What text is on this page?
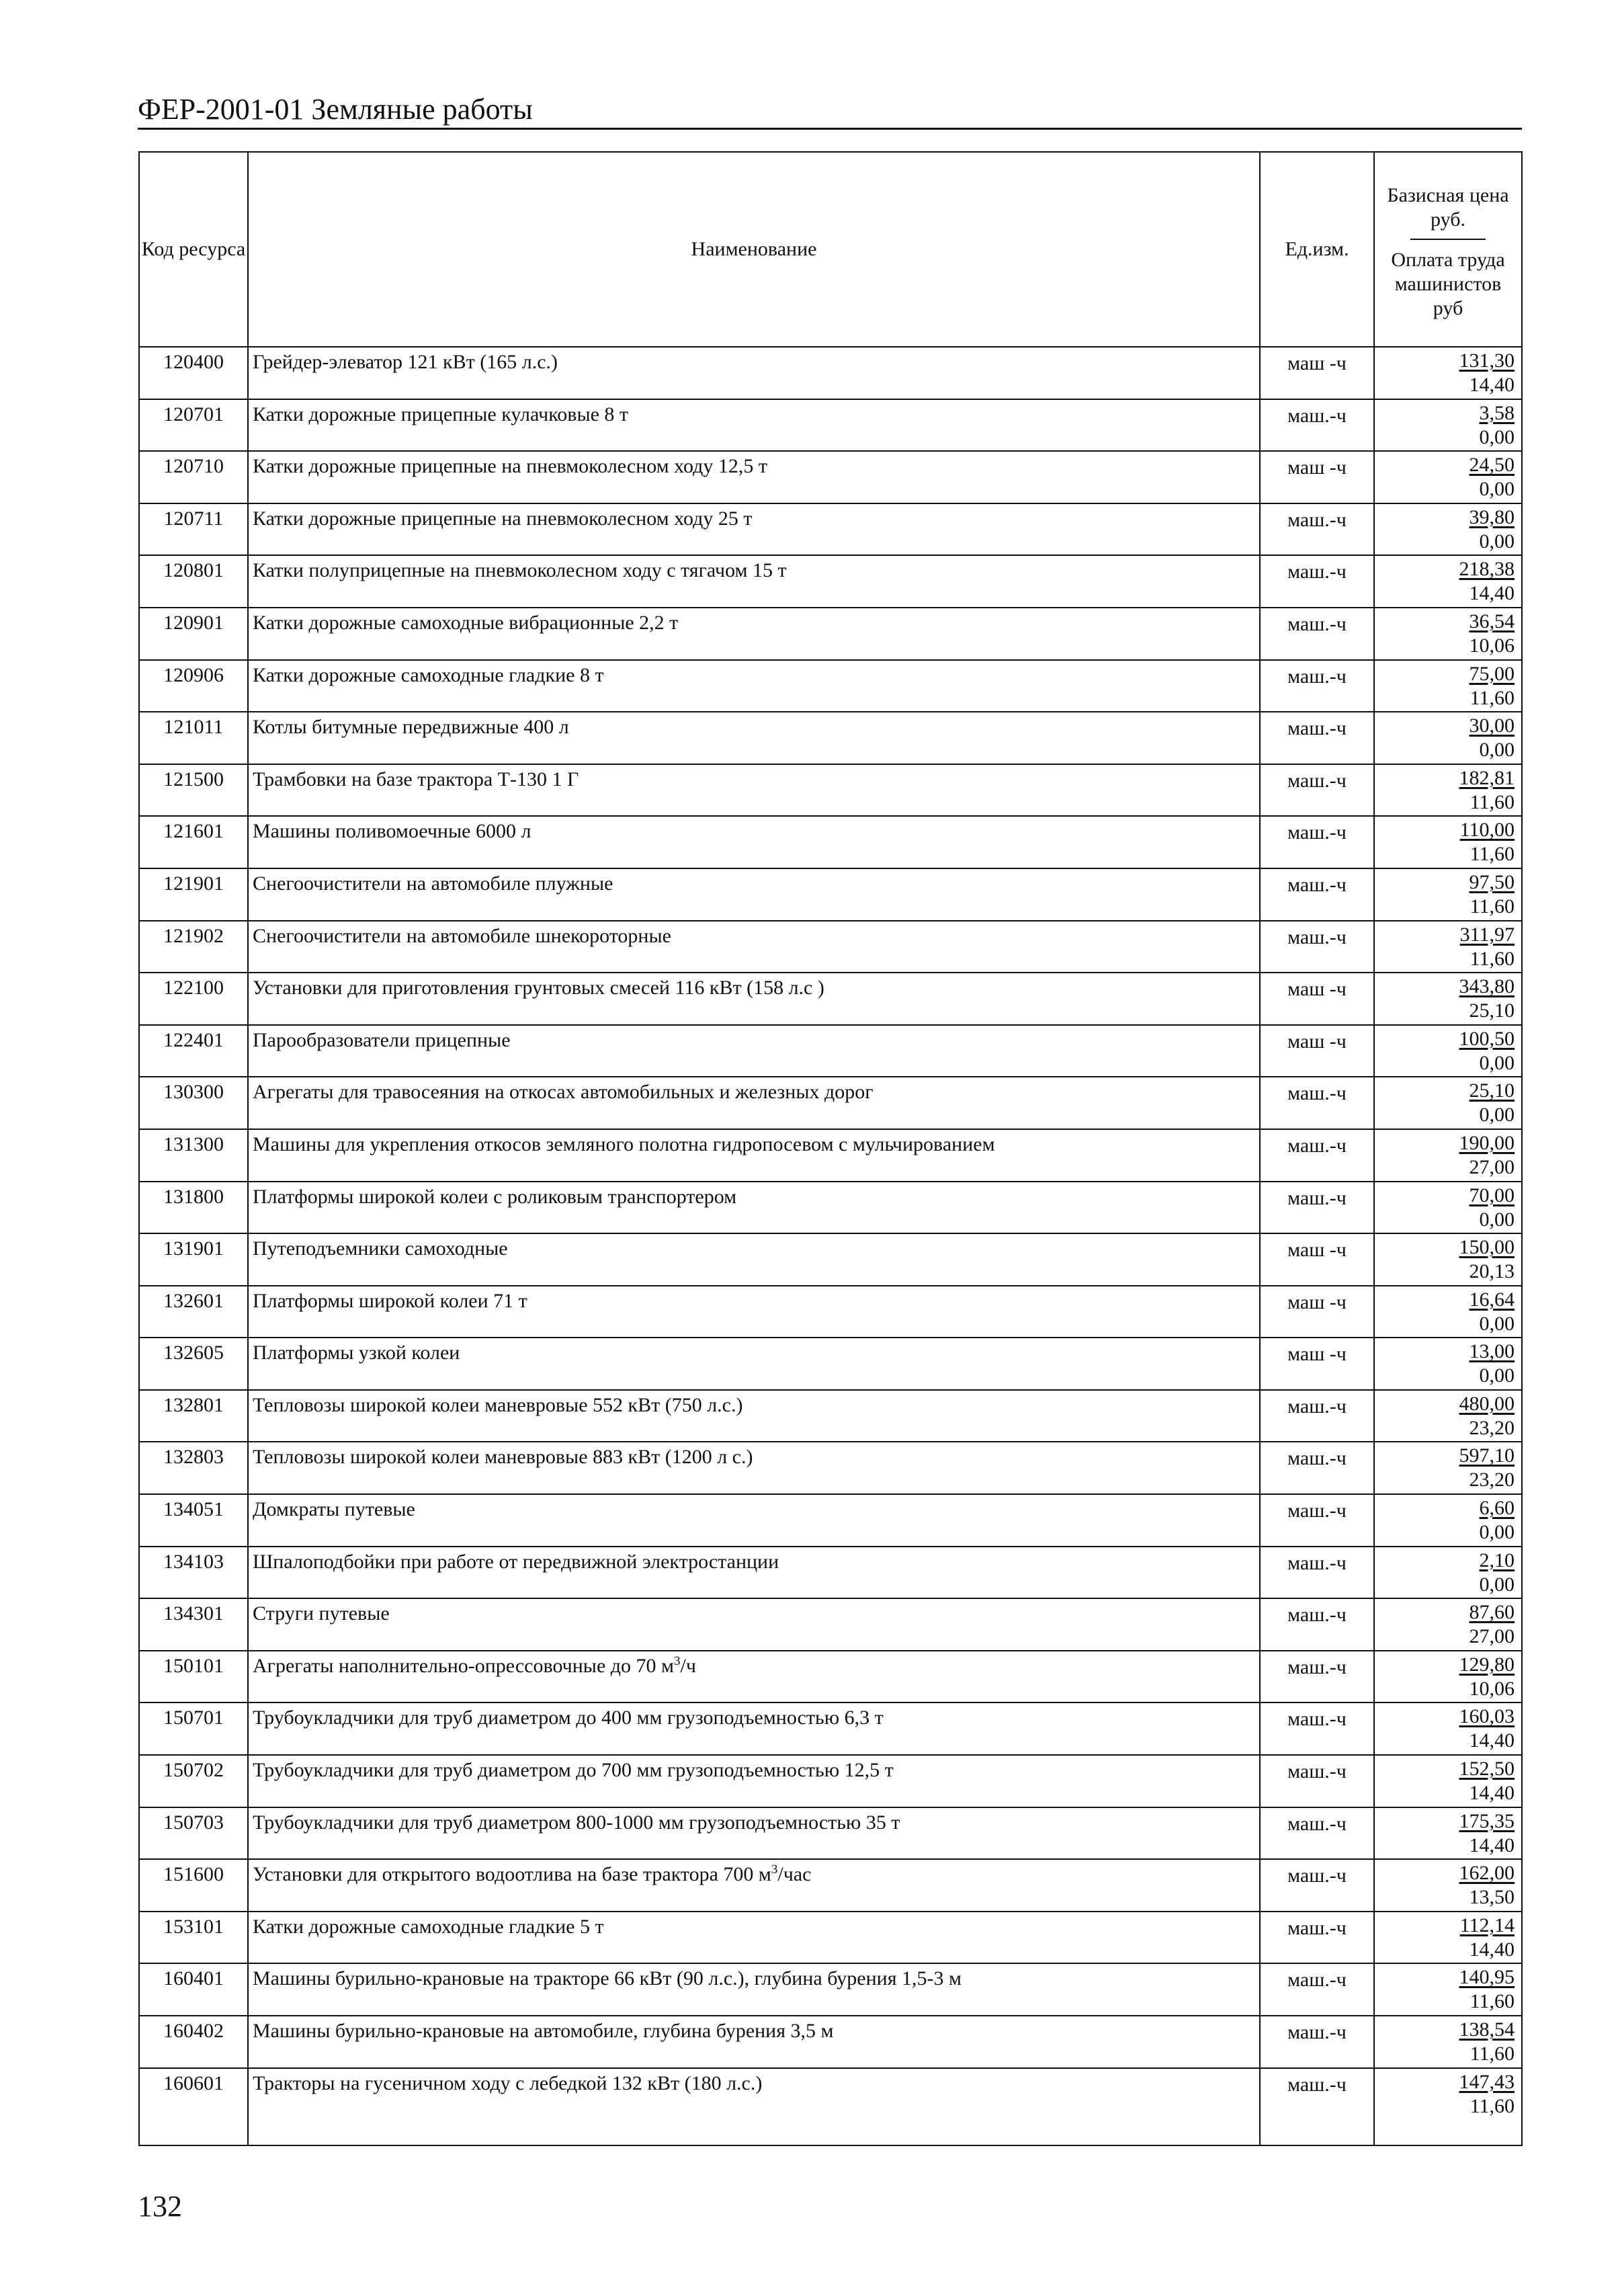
ФЕР-2001-01 Земляные работы
Код ресурса	Наименование	Ед.изм.	Базисная цена руб.
Оплата труда машинистов руб

120400	Грейдер-элеватор 121 кВт (165 л.с.)	маш -ч	131,30
14,40

120701	Катки дорожные прицепные кулачковые 8 т	маш.-ч	3,58
0,00

120710	Катки дорожные прицепные на пневмоколесном ходу 12,5 т	маш -ч	24,50
0,00

120711	Катки дорожные прицепные на пневмоколесном ходу 25 т	маш.-ч	39,80
0,00

120801	Катки полуприцепные на пневмоколесном ходу с тягачом 15 т	маш.-ч	218,38
14,40

120901	Катки дорожные самоходные вибрационные 2,2 т	маш.-ч	36,54
10,06

120906	Катки дорожные самоходные гладкие 8 т	маш.-ч	75,00
11,60

121011	Котлы битумные передвижные 400 л	маш.-ч	30,00
0,00

121500	Трамбовки на базе трактора Т-130 1 Г	маш.-ч	182,81
11,60

121601	Машины поливомоечные 6000 л	маш.-ч	110,00
11,60

121901	Снегоочистители на автомобиле плужные	маш.-ч	97,50
11,60

121902	Снегоочистители на автомобиле шнекороторные	маш.-ч	311,97
11,60

122100	Установки для приготовления грунтовых смесей 116 кВт (158 л.с )	маш -ч	343,80
25,10

122401	Парообразователи прицепные	маш -ч	100,50
0,00

130300	Агрегаты для травосеяния на откосах автомобильных и железных дорог	маш.-ч	25,10
0,00

131300	Машины для укрепления откосов земляного полотна гидропосевом с мульчированием	маш.-ч	190,00
27,00

131800	Платформы широкой колеи с роликовым транспортером	маш.-ч	70,00
0,00

131901	Путеподъемники самоходные	маш -ч	150,00
20,13

132601	Платформы широкой колеи 71 т	маш -ч	16,64
0,00

132605	Платформы узкой колеи	маш -ч	13,00
0,00

132801	Тепловозы широкой колеи маневровые 552 кВт (750 л.с.)	маш.-ч	480,00
23,20

132803	Тепловозы широкой колеи маневровые 883 кВт (1200 л с.)	маш.-ч	597,10
23,20

134051	Домкраты путевые	маш.-ч	6,60
0,00

134103	Шпалоподбойки при работе от передвижной электростанции	маш.-ч	2,10
0,00

134301	Струги путевые	маш.-ч	87,60
27,00

150101	Агрегаты наполнительно-опрессовочные до 70 $м^3/ч$	маш.-ч	129,80
10,06

150701	Трубоукладчики для труб диаметром до 400 мм грузоподъемностью 6,3 т	маш.-ч	160,03
14,40

150702	Трубоукладчики для труб диаметром до 700 мм грузоподъемностью 12,5 т	маш.-ч	152,50
14,40

150703	Трубоукладчики для труб диаметром 800-1000 мм грузоподъемностью 35 т	маш.-ч	175,35
14,40

151600	Установки для открытого водоотлива на базе трактора 700 $м^3$/час	маш.-ч	162,00
13,50

153101	Катки дорожные самоходные гладкие 5 т	маш.-ч	112,14
14,40

160401	Машины бурильно-крановые на тракторе 66 кВт (90 л.с.), глубина бурения 1,5-3 м	маш.-ч	140,95
11,60

160402	Машины бурильно-крановые на автомобиле, глубина бурения 3,5 м	маш.-ч	138,54
11,60

160601	Тракторы на гусеничном ходу с лебедкой 132 кВт (180 л.с.)	маш.-ч	147,43
11,60
132
